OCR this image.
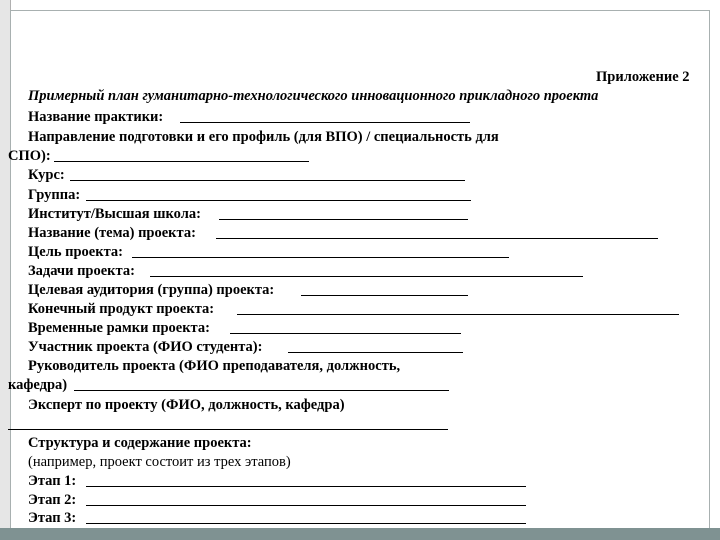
Приложение 2
Примерный план гуманитарно-технологического инновационного прикладного проекта
Название практики:
Направление подготовки и его профиль (для ВПО) / специальность для
СПО):
Курс:
Группа:
Институт/Высшая школа:
Название (тема) проекта:
Цель проекта:
Задачи проекта:
Целевая аудитория (группа) проекта:
Конечный продукт проекта:
Временные рамки проекта:
Участник проекта (ФИО студента):
Руководитель проекта (ФИО преподавателя, должность,
кафедра)
Эксперт по проекту (ФИО, должность, кафедра)
Структура и содержание проекта:
(например, проект состоит из трех этапов)
Этап 1:
Этап 2:
Этап 3:
